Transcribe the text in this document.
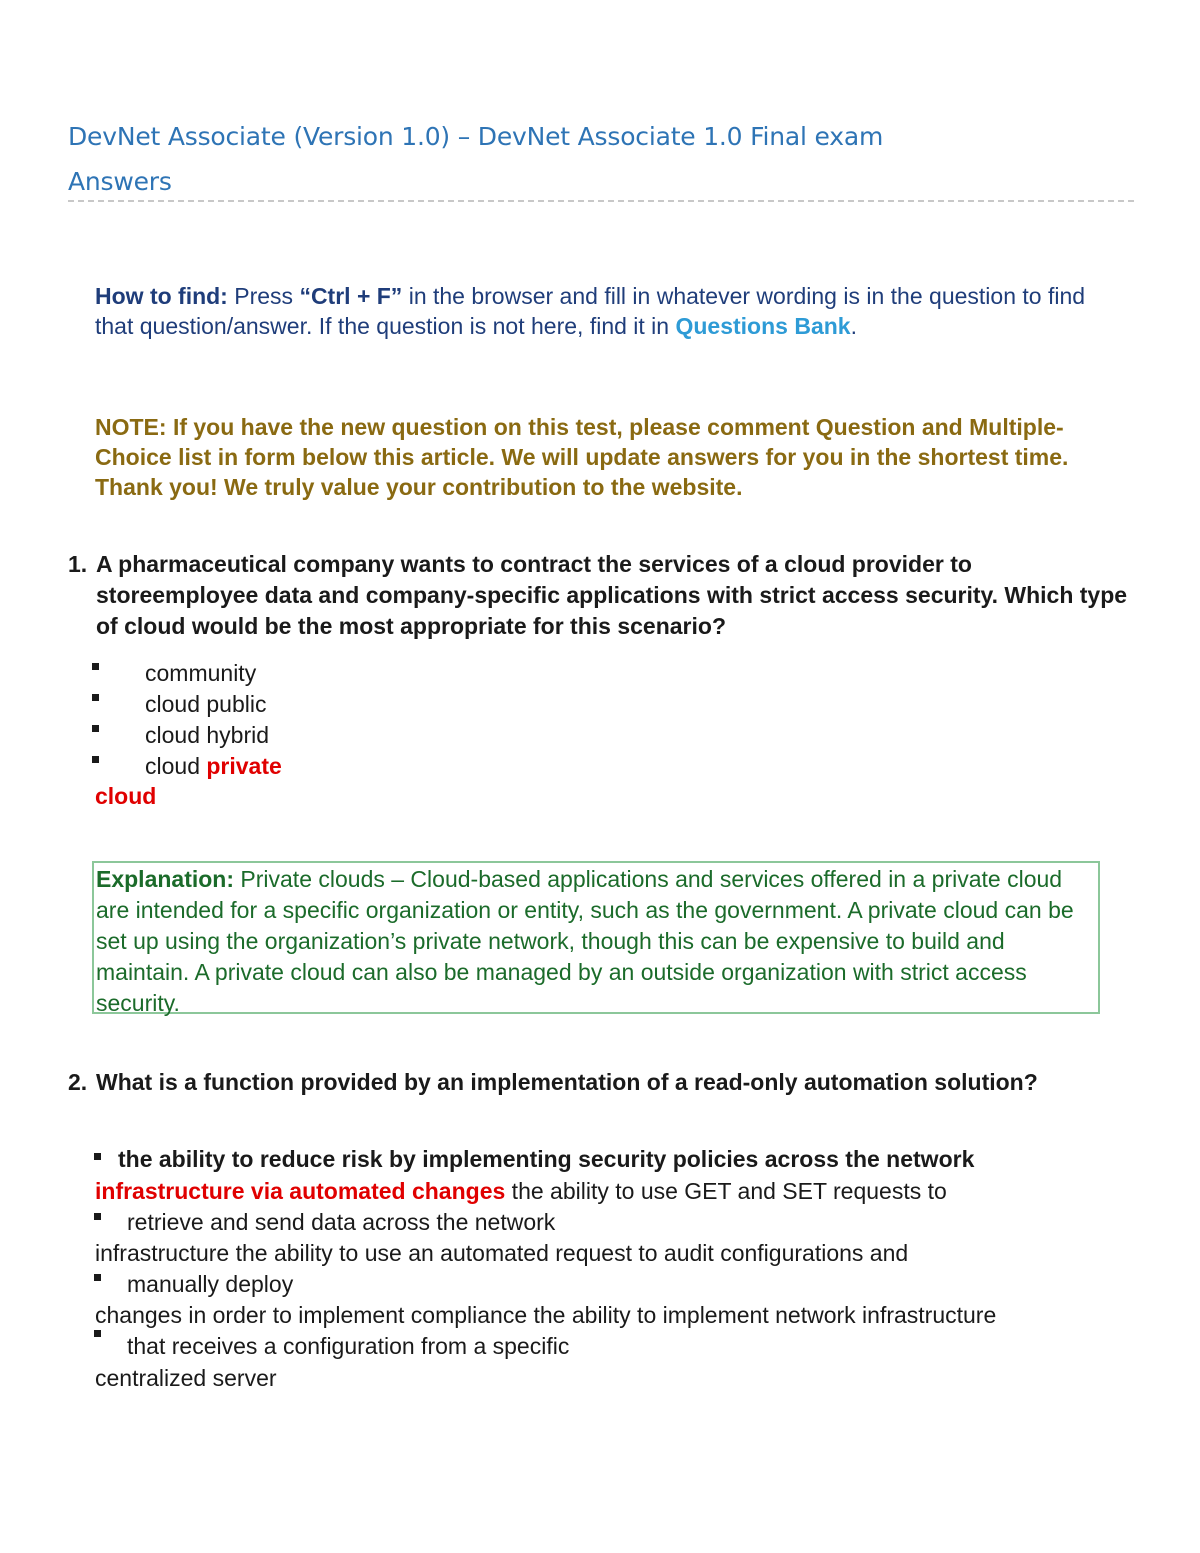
DevNet Associate (Version 1.0) – DevNet Associate 1.0 Final exam
Answers
How to find: Press “Ctrl + F” in the browser and fill in whatever wording is in the question to find that question/answer. If the question is not here, find it in Questions Bank.
NOTE: If you have the new question on this test, please comment Question and Multiple-Choice list in form below this article. We will update answers for you in the shortest time. Thank you! We truly value your contribution to the website.
1. A pharmaceutical company wants to contract the services of a cloud provider to storeemployee data and company-specific applications with strict access security. Which type of cloud would be the most appropriate for this scenario?
community
cloud public
cloud hybrid
cloud private
cloud
Explanation: Private clouds – Cloud-based applications and services offered in a private cloud are intended for a specific organization or entity, such as the government. A private cloud can be set up using the organization’s private network, though this can be expensive to build and maintain. A private cloud can also be managed by an outside organization with strict access security.
2. What is a function provided by an implementation of a read-only automation solution?
the ability to reduce risk by implementing security policies across the network
infrastructure via automated changes the ability to use GET and SET requests to
retrieve and send data across the network
infrastructure the ability to use an automated request to audit configurations and
manually deploy
changes in order to implement compliance the ability to implement network infrastructure
that receives a configuration from a specific
centralized server
